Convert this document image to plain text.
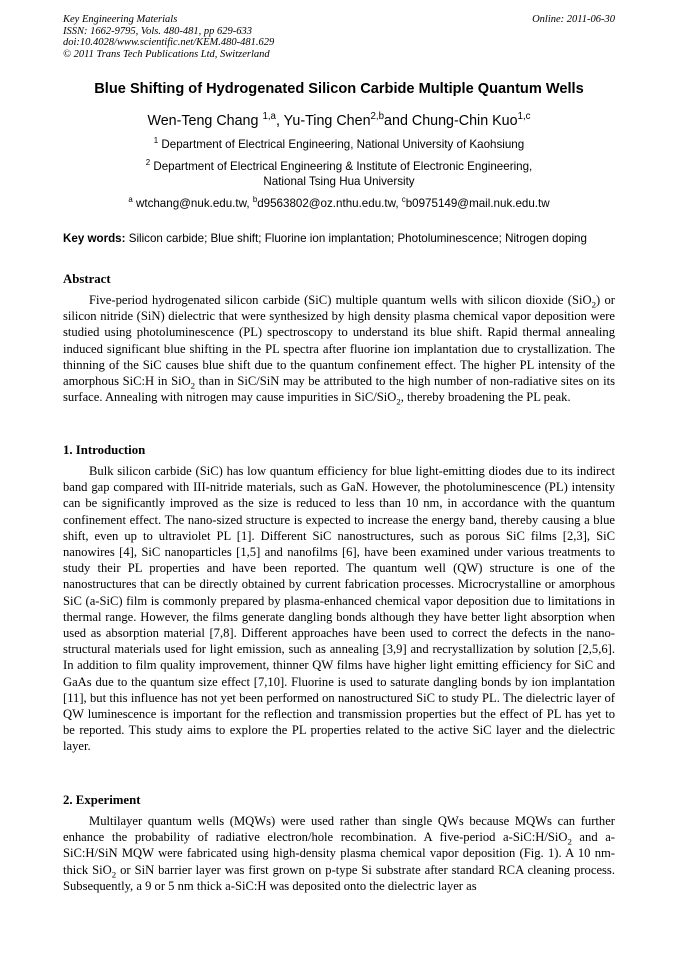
Key Engineering Materials
ISSN: 1662-9795, Vols. 480-481, pp 629-633
doi:10.4028/www.scientific.net/KEM.480-481.629
© 2011 Trans Tech Publications Ltd, Switzerland
Online: 2011-06-30
Blue Shifting of Hydrogenated Silicon Carbide Multiple Quantum Wells
Wen-Teng Chang $^{1,a}$, Yu-Ting Chen$^{2,b}$and Chung-Chin Kuo$^{1,c}$
$^1$ Department of Electrical Engineering, National University of Kaohsiung
$^2$ Department of Electrical Engineering & Institute of Electronic Engineering,
National Tsing Hua University
$^a$ wtchang@nuk.edu.tw, $^b$d9563802@oz.nthu.edu.tw, $^c$b0975149@mail.nuk.edu.tw
Key words: Silicon carbide; Blue shift; Fluorine ion implantation; Photoluminescence; Nitrogen doping
Abstract

Five-period hydrogenated silicon carbide (SiC) multiple quantum wells with silicon dioxide (SiO$_2$) or silicon nitride (SiN) dielectric that were synthesized by high density plasma chemical vapor deposition were studied using photoluminescence (PL) spectroscopy to understand its blue shift. Rapid thermal annealing induced significant blue shifting in the PL spectra after fluorine ion implantation due to crystallization. The thinning of the SiC causes blue shift due to the quantum confinement effect. The higher PL intensity of the amorphous SiC:H in SiO$_2$ than in SiC/SiN may be attributed to the high number of non-radiative sites on its surface. Annealing with nitrogen may cause impurities in SiC/SiO$_2$, thereby broadening the PL peak.

1. Introduction

Bulk silicon carbide (SiC) has low quantum efficiency for blue light-emitting diodes due to its indirect band gap compared with III-nitride materials, such as GaN. However, the photoluminescence (PL) intensity can be significantly improved as the size is reduced to less than 10 nm, in accordance with the quantum confinement effect. The nano-sized structure is expected to increase the energy band, thereby causing a blue shift, even up to ultraviolet PL [1]. Different SiC nanostructures, such as porous SiC films [2,3], SiC nanowires [4], SiC nanoparticles [1,5] and nanofilms [6], have been examined under various treatments to study their PL properties and have been reported. The quantum well (QW) structure is one of the nanostructures that can be directly obtained by current fabrication processes. Microcrystalline or amorphous SiC (a-SiC) film is commonly prepared by plasma-enhanced chemical vapor deposition due to limitations in thermal range. However, the films generate dangling bonds although they have better light absorption when used as absorption material [7,8]. Different approaches have been used to correct the defects in the nano-structural materials used for light emission, such as annealing [3,9] and recrystallization by solution [2,5,6]. In addition to film quality improvement, thinner QW films have higher light emitting efficiency for SiC and GaAs due to the quantum size effect [7,10]. Fluorine is used to saturate dangling bonds by ion implantation [11], but this influence has not yet been performed on nanostructured SiC to study PL. The dielectric layer of QW luminescence is important for the reflection and transmission properties but the effect of PL has yet to be reported. This study aims to explore the PL properties related to the active SiC layer and the dielectric layer.

2. Experiment

Multilayer quantum wells (MQWs) were used rather than single QWs because MQWs can further enhance the probability of radiative electron/hole recombination. A five-period a-SiC:H/SiO$_2$ and a-SiC:H/SiN MQW were fabricated using high-density plasma chemical vapor deposition (Fig. 1). A 10 nm-thick SiO$_2$ or SiN barrier layer was first grown on p-type Si substrate after standard RCA cleaning process. Subsequently, a 9 or 5 nm thick a-SiC:H was deposited onto the dielectric layer as
